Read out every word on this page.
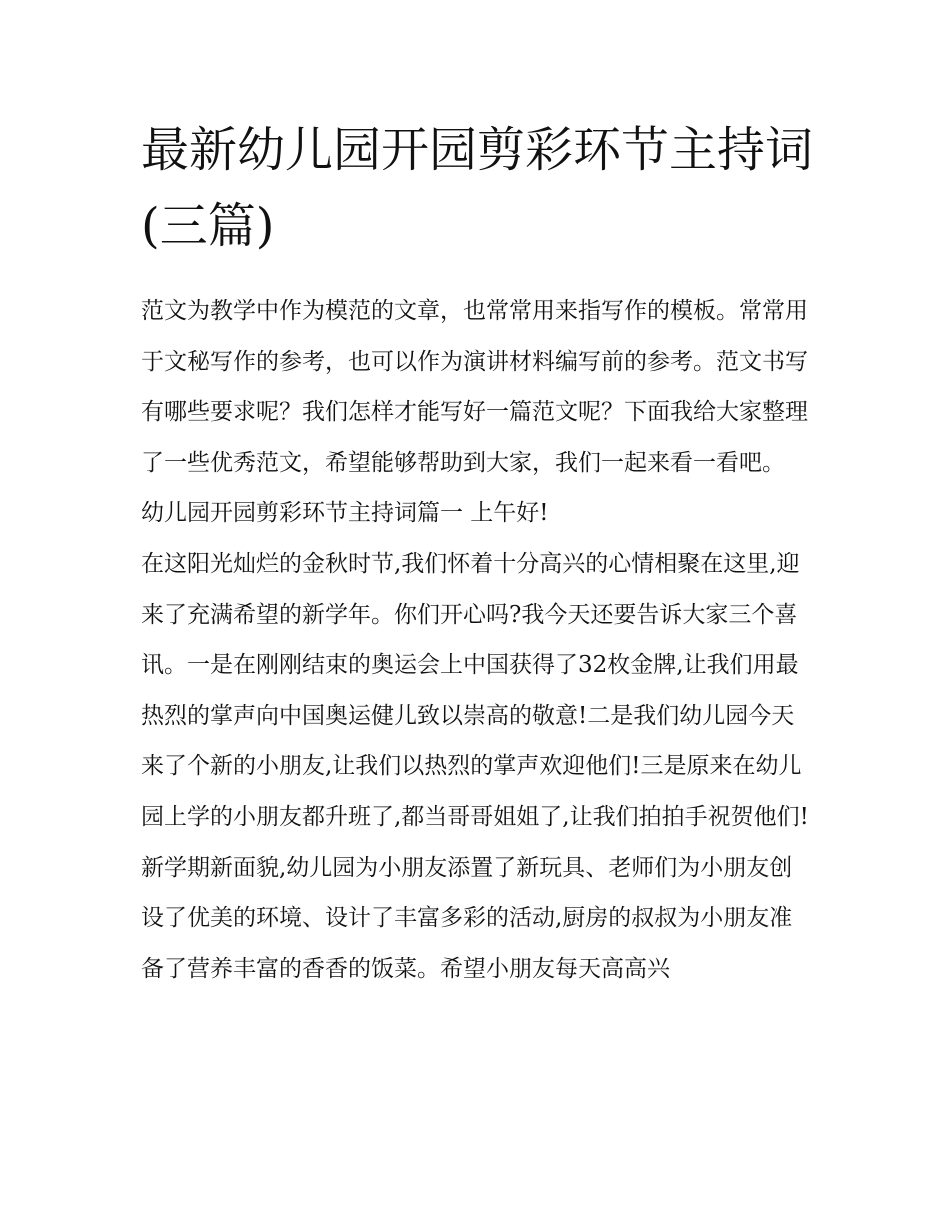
最新幼儿园开园剪彩环节主持词(三篇)

范文为教学中作为模范的文章，也常常用来指写作的模板。常常用于文秘写作的参考，也可以作为演讲材料编写前的参考。范文书写有哪些要求呢？我们怎样才能写好一篇范文呢？下面我给大家整理了一些优秀范文，希望能够帮助到大家，我们一起来看一看吧。

幼儿园开园剪彩环节主持词篇一 上午好!

在这阳光灿烂的金秋时节,我们怀着十分高兴的心情相聚在这里,迎来了充满希望的新学年。你们开心吗?我今天还要告诉大家三个喜讯。一是在刚刚结束的奥运会上中国获得了32枚金牌,让我们用最热烈的掌声向中国奥运健儿致以崇高的敬意!二是我们幼儿园今天来了个新的小朋友,让我们以热烈的掌声欢迎他们!三是原来在幼儿园上学的小朋友都升班了,都当哥哥姐姐了,让我们拍拍手祝贺他们!

新学期新面貌,幼儿园为小朋友添置了新玩具、老师们为小朋友创设了优美的环境、设计了丰富多彩的活动,厨房的叔叔为小朋友准备了营养丰富的香香的饭菜。希望小朋友每天高高兴
